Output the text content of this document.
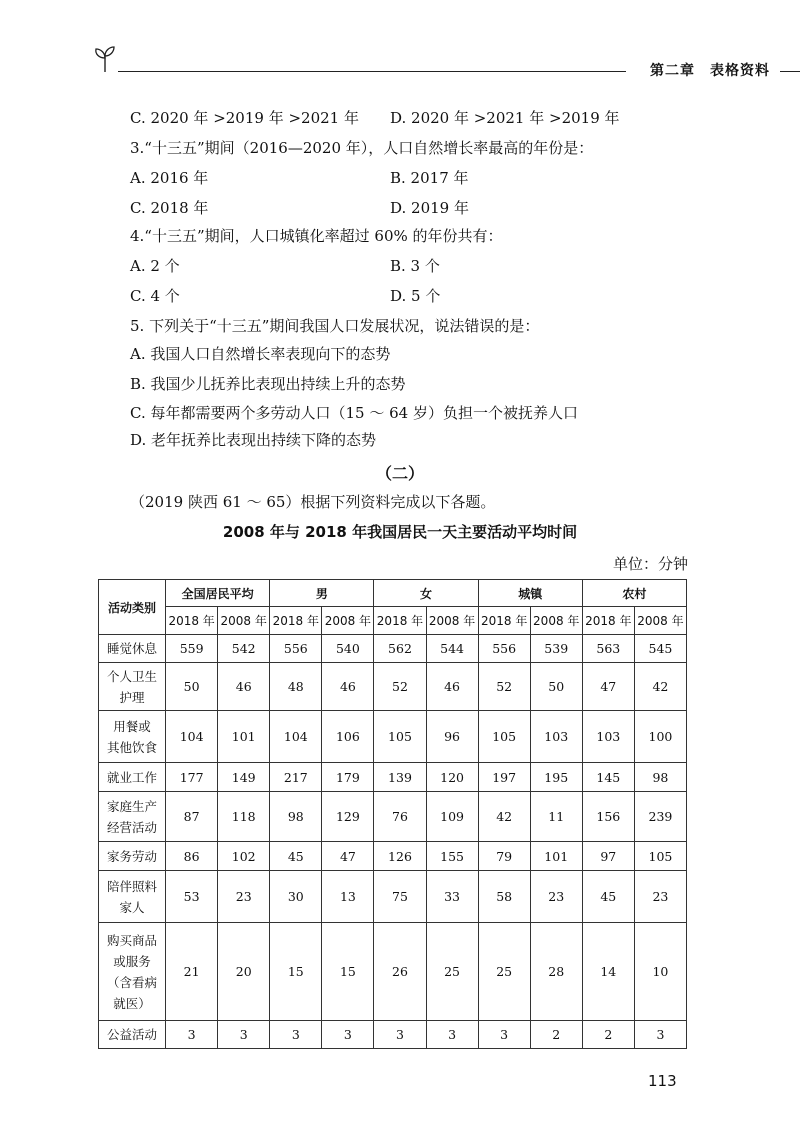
第二章　表格资料
C. 2020 年 >2019 年 >2021 年 D. 2020 年 >2021 年 >2019 年
3.“十三五”期间（2016—2020 年），人口自然增长率最高的年份是：
A. 2016 年	B. 2017 年
C. 2018 年	D. 2019 年
4.“十三五”期间，人口城镇化率超过 60% 的年份共有：
A. 2 个	B. 3 个
C. 4 个	D. 5 个
5. 下列关于“十三五”期间我国人口发展状况，说法错误的是：
A. 我国人口自然增长率表现向下的态势
B. 我国少儿抚养比表现出持续上升的态势
C. 每年都需要两个多劳动人口（15 ～ 64 岁）负担一个被抚养人口
D. 老年抚养比表现出持续下降的态势
（二）
（2019 陕西 61 ～ 65）根据下列资料完成以下各题。
2008 年与 2018 年我国居民一天主要活动平均时间
单位：分钟
活动类别	全国居民平均		男		女		城镇		农村	
	2018 年	2008 年	2018 年	2008 年	2018 年	2008 年	2018 年	2008 年	2018 年	2008 年

睡觉休息	559	542	556	540	562	544	556	539	563	545

个人卫生
护理	50	46	48	46	52	46	52	50	47	42

用餐或
其他饮食	104	101	104	106	105	96	105	103	103	100

就业工作	177	149	217	179	139	120	197	195	145	98

家庭生产
经营活动	87	118	98	129	76	109	42	11	156	239

家务劳动	86	102	45	47	126	155	79	101	97	105

陪伴照料
家人	53	23	30	13	75	33	58	23	45	23

购买商品
或服务
（含看病
就医）	21	20	15	15	26	25	25	28	14	10

公益活动	3	3	3	3	3	3	3	2	2	3
113
